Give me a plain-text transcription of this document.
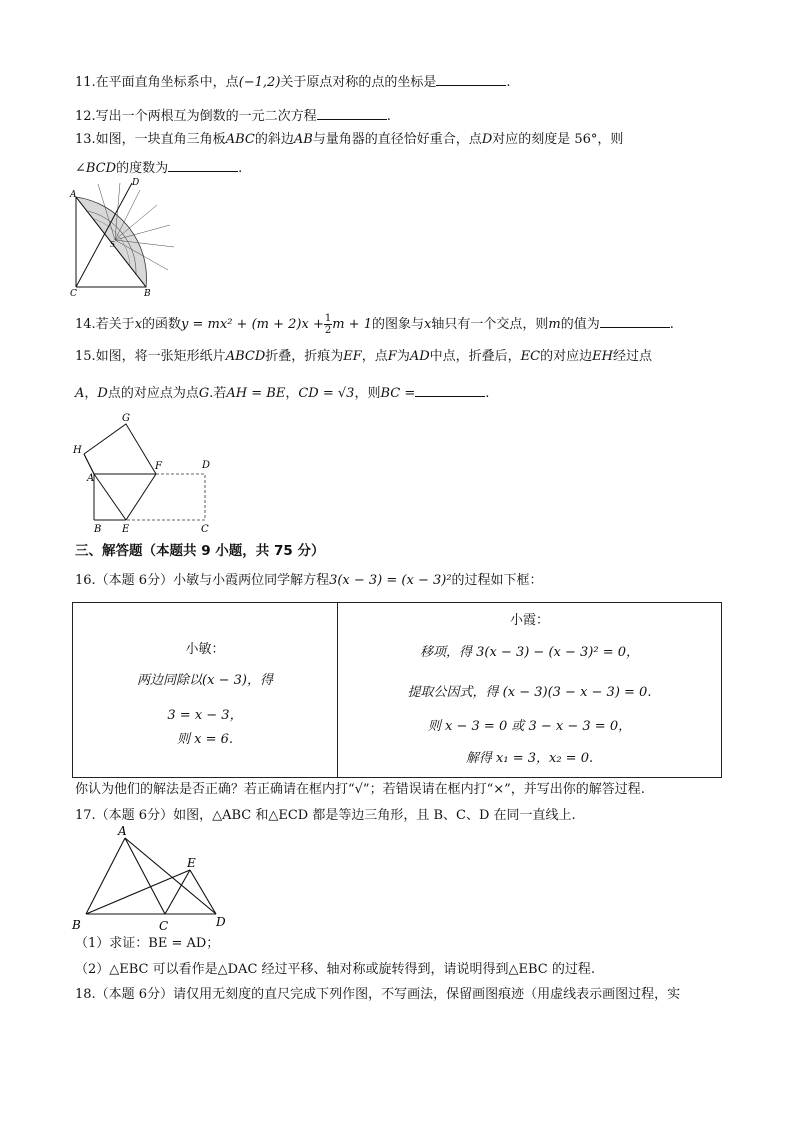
11.在平面直角坐标系中，点(−1,2)关于原点对称的点的坐标是	.
12.写出一个两根互为倒数的一元二次方程	.
13.如图，一块直角三角板ABC的斜边AB与量角器的直径恰好重合，点D对应的刻度是 56°，则
∠BCD的度数为	.
5
A
D
C	B
14.若关于x的函数$y = mx^2 + (m + 2)x + \frac{1}{2}$ m + 1的图象与x轴只有一个交点，则m的值为	.
15.如图，将一张矩形纸片ABCD折叠，折痕为EF，点F为AD中点，折叠后，EC的对应边EH经过点
A，D点的对应点为点G.若AH = BE，CD = √3，则BC =	.
G
H
A
F	D
B E	C
三、解答题（本题共 9 小题，共 75 分）
16.（本题 6分）小敏与小霞两位同学解方程3(x − 3) = (x − 3)²的过程如下框：
小敏：
两边同除以(x − 3)，得
3 = x − 3，
则 x = 6.

小霞：
移项，得 3(x − 3) − (x − 3)² = 0，
提取公因式，得 (x − 3)(3 − x − 3) = 0.
则 x − 3 = 0 或 3 − x − 3 = 0，
解得 x₁ = 3，x₂ = 0.
你认为他们的解法是否正确？若正确请在框内打“√”；若错误请在框内打“×”，并写出你的解答过程.
17.（本题 6分）如图，△ABC 和△ECD 都是等边三角形，且 B、C、D 在同一直线上.
A
E
B	C	D
（1）求证：BE = AD；
（2）△EBC 可以看作是△DAC 经过平移、轴对称或旋转得到，请说明得到△EBC 的过程.
18.（本题 6分）请仅用无刻度的直尺完成下列作图，不写画法，保留画图痕迹（用虚线表示画图过程，实
